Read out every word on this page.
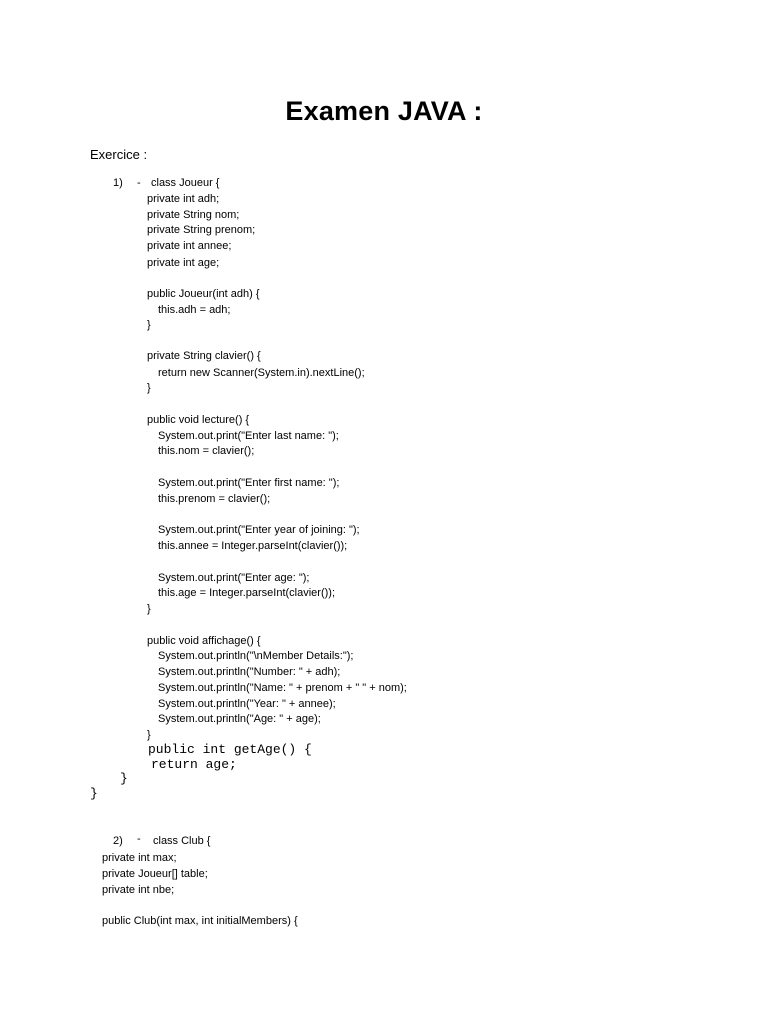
Examen JAVA :
Exercice :
1) - class Joueur {
private int adh;
private String nom;
private String prenom;
private int annee;
private int age;
public Joueur(int adh) {
this.adh = adh;
}
private String clavier() {
return new Scanner(System.in).nextLine();
}
public void lecture() {
System.out.print("Enter last name: ");
this.nom = clavier();
System.out.print("Enter first name: ");
this.prenom = clavier();
System.out.print("Enter year of joining: ");
this.annee = Integer.parseInt(clavier());
System.out.print("Enter age: ");
this.age = Integer.parseInt(clavier());
}
public void affichage() {
System.out.println("\nMember Details:");
System.out.println("Number: " + adh);
System.out.println("Name: " + prenom + " " + nom);
System.out.println("Year: " + annee);
System.out.println("Age: " + age);
}
public int getAge() {
return age;
}
}
2) - class Club {
private int max;
private Joueur[] table;
private int nbe;
public Club(int max, int initialMembers) {
